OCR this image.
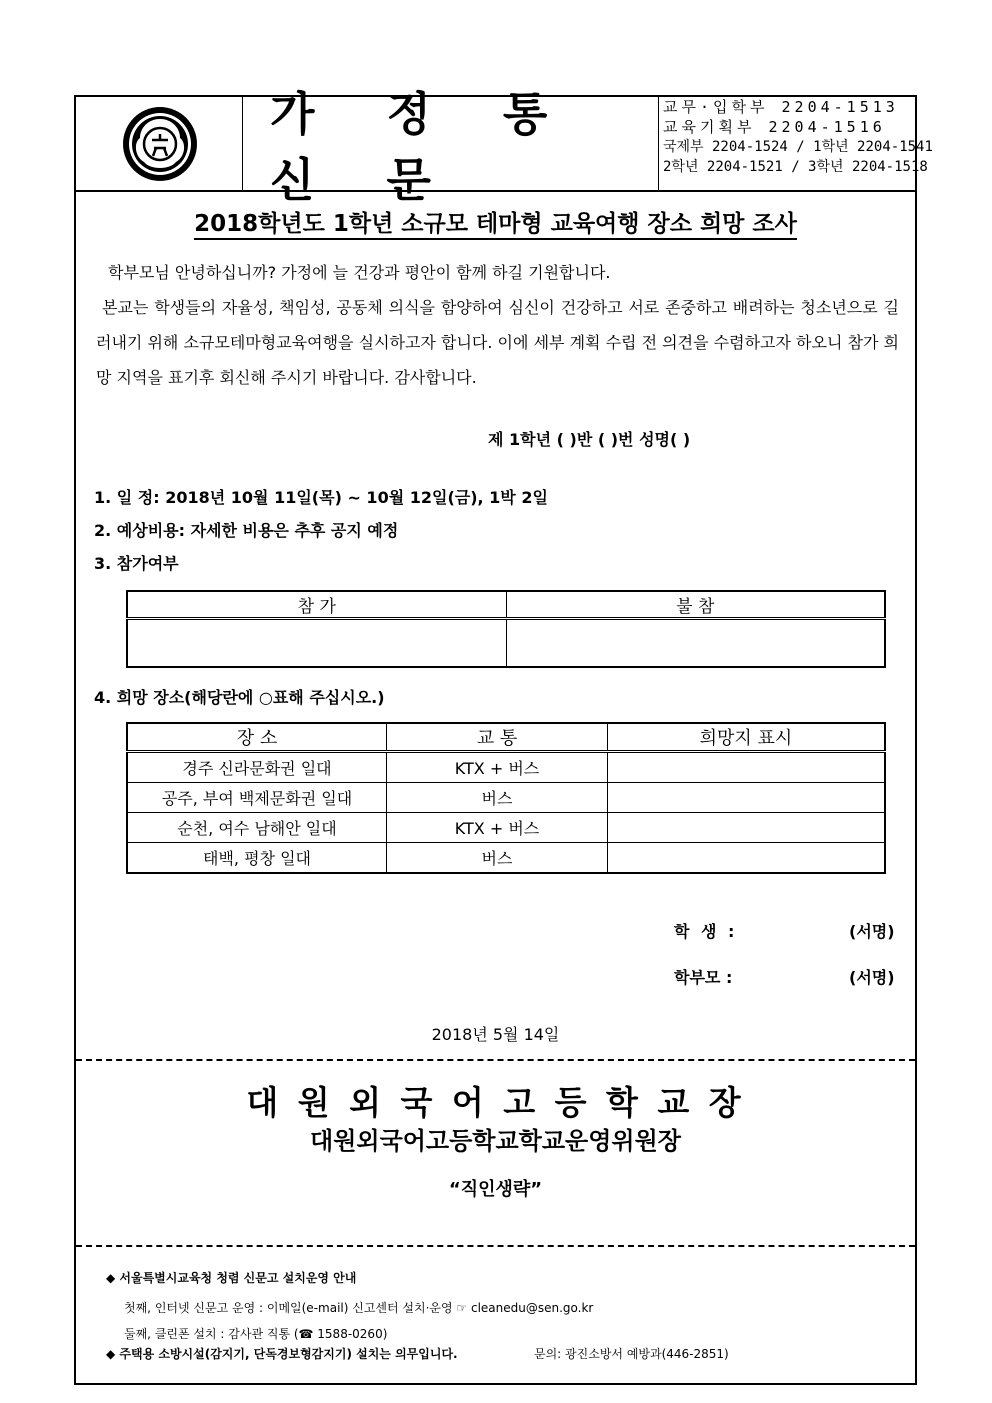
가 정 통 신 문
교무·입학부 2204-1513
교육기획부 2204-1516
국제부 2204-1524 / 1학년 2204-1541
2학년 2204-1521 / 3학년 2204-1518
2018학년도 1학년 소규모 테마형 교육여행 장소 희망 조사
학부모님 안녕하십니까? 가정에 늘 건강과 평안이 함께 하길 기원합니다.
본교는 학생들의 자율성, 책임성, 공동체 의식을 함양하여 심신이 건강하고 서로 존중하고 배려하는 청소년으로 길러내기 위해 소규모테마형교육여행을 실시하고자 합니다. 이에 세부 계획 수립 전 의견을 수렴하고자 하오니 참가 희망 지역을 표기후 회신해 주시기 바랍니다. 감사합니다.
제 1학년 ( )반 ( )번 성명( )
1. 일 정: 2018년 10월 11일(목) ~ 10월 12일(금), 1박 2일
2. 예상비용: 자세한 비용은 추후 공지 예정
3. 참가여부
참 가	불 참

4. 희망 장소(해당란에 ○표해 주십시오.)
장 소	교 통	희망지 표시
경주 신라문화권 일대	KTX + 버스	
공주, 부여 백제문화권 일대	버스	
순천, 여수 남해안 일대	KTX + 버스	
태백, 평창 일대	버스	
학 생 :	(서명)
학부모 :	(서명)
2018년 5월 14일
대 원 외 국 어 고 등 학 교 장
대원외국어고등학교학교운영위원장
“직인생략”
◆ 서울특별시교육청 청렴 신문고 설치운영 안내
첫째, 인터넷 신문고 운영 : 이메일(e-mail) 신고센터 설치·운영 ☞ cleanedu@sen.go.kr
둘째, 클린폰 설치 : 감사관 직통 (☎ 1588-0260)
◆ 주택용 소방시설(감지기, 단독경보형감지기) 설치는 의무입니다.	문의: 광진소방서 예방과(446-2851)
